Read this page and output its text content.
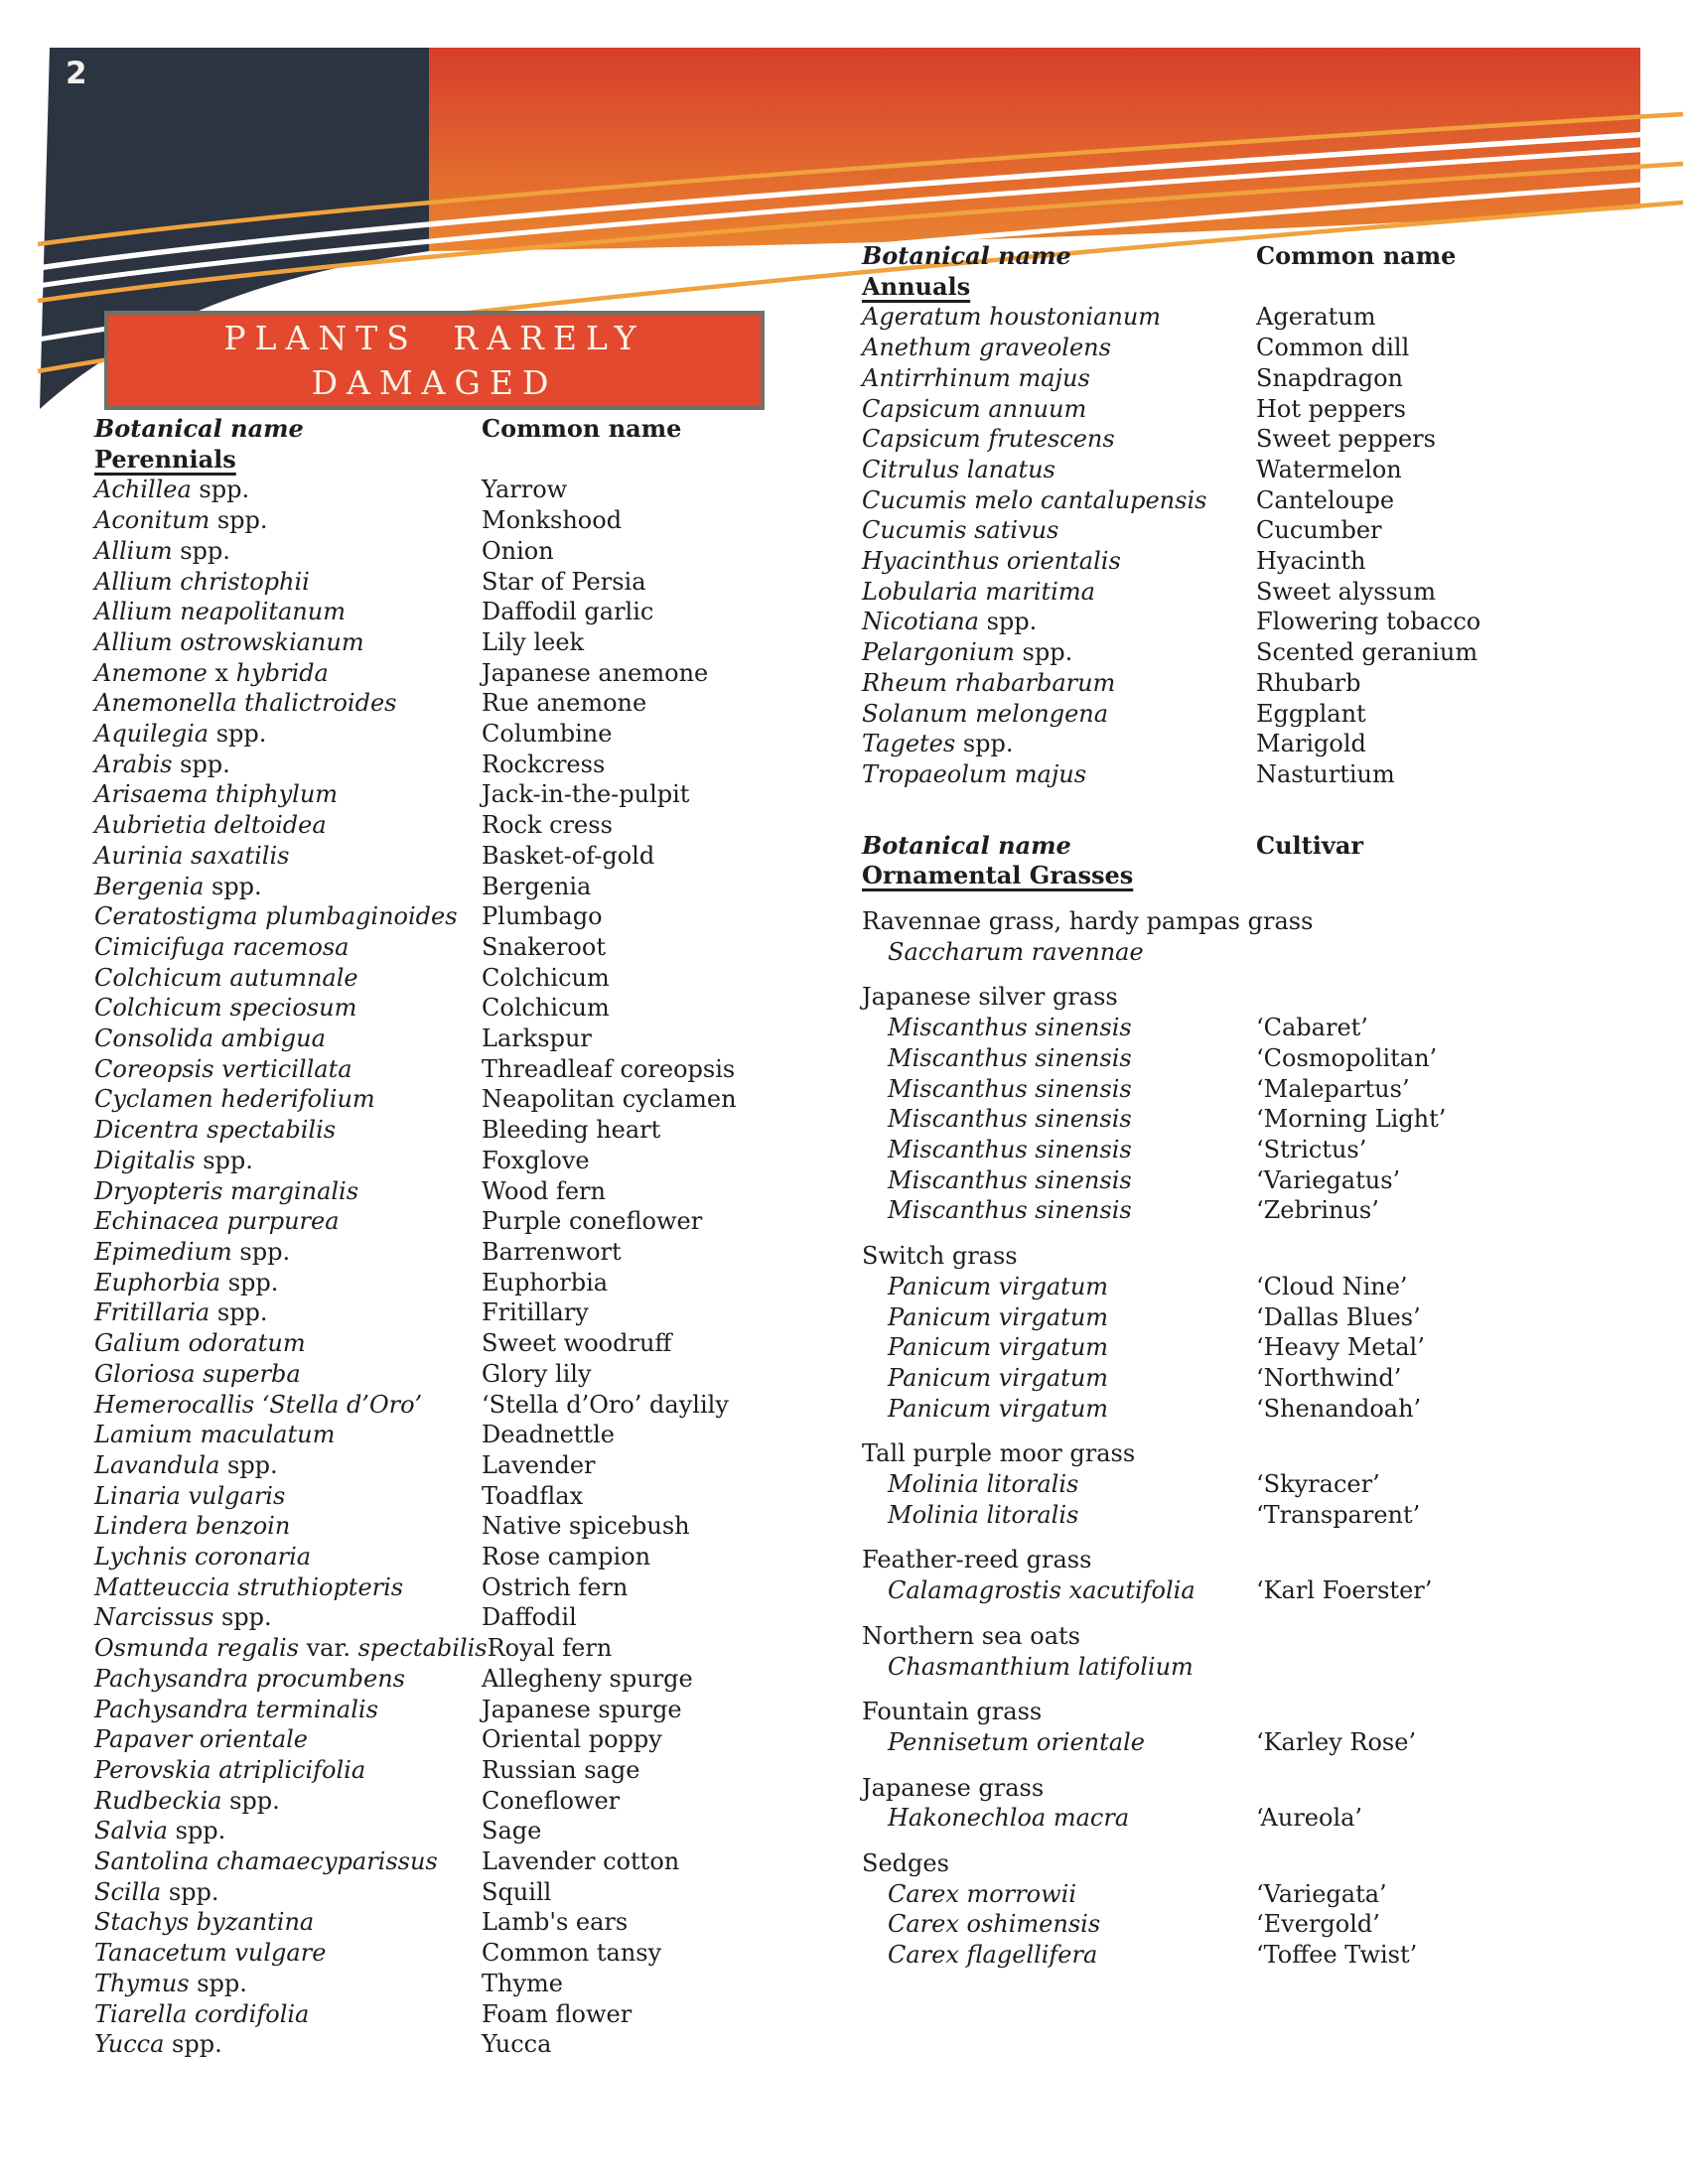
2
PLANTS RARELY
DAMAGED
Botanical name	Common name
Perennials
Achillea spp.	Yarrow
Aconitum spp.	Monkshood
Allium spp.	Onion
Allium christophii	Star of Persia
Allium neapolitanum	Daffodil garlic
Allium ostrowskianum	Lily leek
Anemone x hybrida	Japanese anemone
Anemonella thalictroides	Rue anemone
Aquilegia spp.	Columbine
Arabis spp.	Rockcress
Arisaema thiphylum	Jack-in-the-pulpit
Aubrietia deltoidea	Rock cress
Aurinia saxatilis	Basket-of-gold
Bergenia spp.	Bergenia
Ceratostigma plumbaginoides	Plumbago
Cimicifuga racemosa	Snakeroot
Colchicum autumnale	Colchicum
Colchicum speciosum	Colchicum
Consolida ambigua	Larkspur
Coreopsis verticillata	Threadleaf coreopsis
Cyclamen hederifolium	Neapolitan cyclamen
Dicentra spectabilis	Bleeding heart
Digitalis spp.	Foxglove
Dryopteris marginalis	Wood fern
Echinacea purpurea	Purple coneflower
Epimedium spp.	Barrenwort
Euphorbia spp.	Euphorbia
Fritillaria spp.	Fritillary
Galium odoratum	Sweet woodruff
Gloriosa superba	Glory lily
Hemerocallis ‘Stella d’Oro’	‘Stella d’Oro’ daylily
Lamium maculatum	Deadnettle
Lavandula spp.	Lavender
Linaria vulgaris	Toadflax
Lindera benzoin	Native spicebush
Lychnis coronaria	Rose campion
Matteuccia struthiopteris	Ostrich fern
Narcissus spp.	Daffodil
Osmunda regalis var. spectabilis Royal fern
Pachysandra procumbens	Allegheny spurge
Pachysandra terminalis	Japanese spurge
Papaver orientale	Oriental poppy
Perovskia atriplicifolia	Russian sage
Rudbeckia spp.	Coneflower
Salvia spp.	Sage
Santolina chamaecyparissus	Lavender cotton
Scilla spp.	Squill
Stachys byzantina	Lamb's ears
Tanacetum vulgare	Common tansy
Thymus spp.	Thyme
Tiarella cordifolia	Foam flower
Yucca spp.	Yucca
Botanical name	Common name
Annuals
Ageratum houstonianum	Ageratum
Anethum graveolens	Common dill
Antirrhinum majus	Snapdragon
Capsicum annuum	Hot peppers
Capsicum frutescens	Sweet peppers
Citrulus lanatus	Watermelon
Cucumis melo cantalupensis	Canteloupe
Cucumis sativus	Cucumber
Hyacinthus orientalis	Hyacinth
Lobularia maritima	Sweet alyssum
Nicotiana spp.	Flowering tobacco
Pelargonium spp.	Scented geranium
Rheum rhabarbarum	Rhubarb
Solanum melongena	Eggplant
Tagetes spp.	Marigold
Tropaeolum majus	Nasturtium
Botanical name	Cultivar
Ornamental Grasses
Ravennae grass, hardy pampas grass
Saccharum ravennae
Japanese silver grass
Miscanthus sinensis	‘Cabaret’
Miscanthus sinensis	‘Cosmopolitan’
Miscanthus sinensis	‘Malepartus’
Miscanthus sinensis	‘Morning Light’
Miscanthus sinensis	‘Strictus’
Miscanthus sinensis	‘Variegatus’
Miscanthus sinensis	‘Zebrinus’
Switch grass
Panicum virgatum	‘Cloud Nine’
Panicum virgatum	‘Dallas Blues’
Panicum virgatum	‘Heavy Metal’
Panicum virgatum	‘Northwind’
Panicum virgatum	‘Shenandoah’
Tall purple moor grass
Molinia litoralis	‘Skyracer’
Molinia litoralis	‘Transparent’
Feather-reed grass
Calamagrostis xacutifolia	‘Karl Foerster’
Northern sea oats
Chasmanthium latifolium
Fountain grass
Pennisetum orientale	‘Karley Rose’
Japanese grass
Hakonechloa macra	‘Aureola’
Sedges
Carex morrowii	‘Variegata’
Carex oshimensis	‘Evergold’
Carex flagellifera	‘Toffee Twist’
